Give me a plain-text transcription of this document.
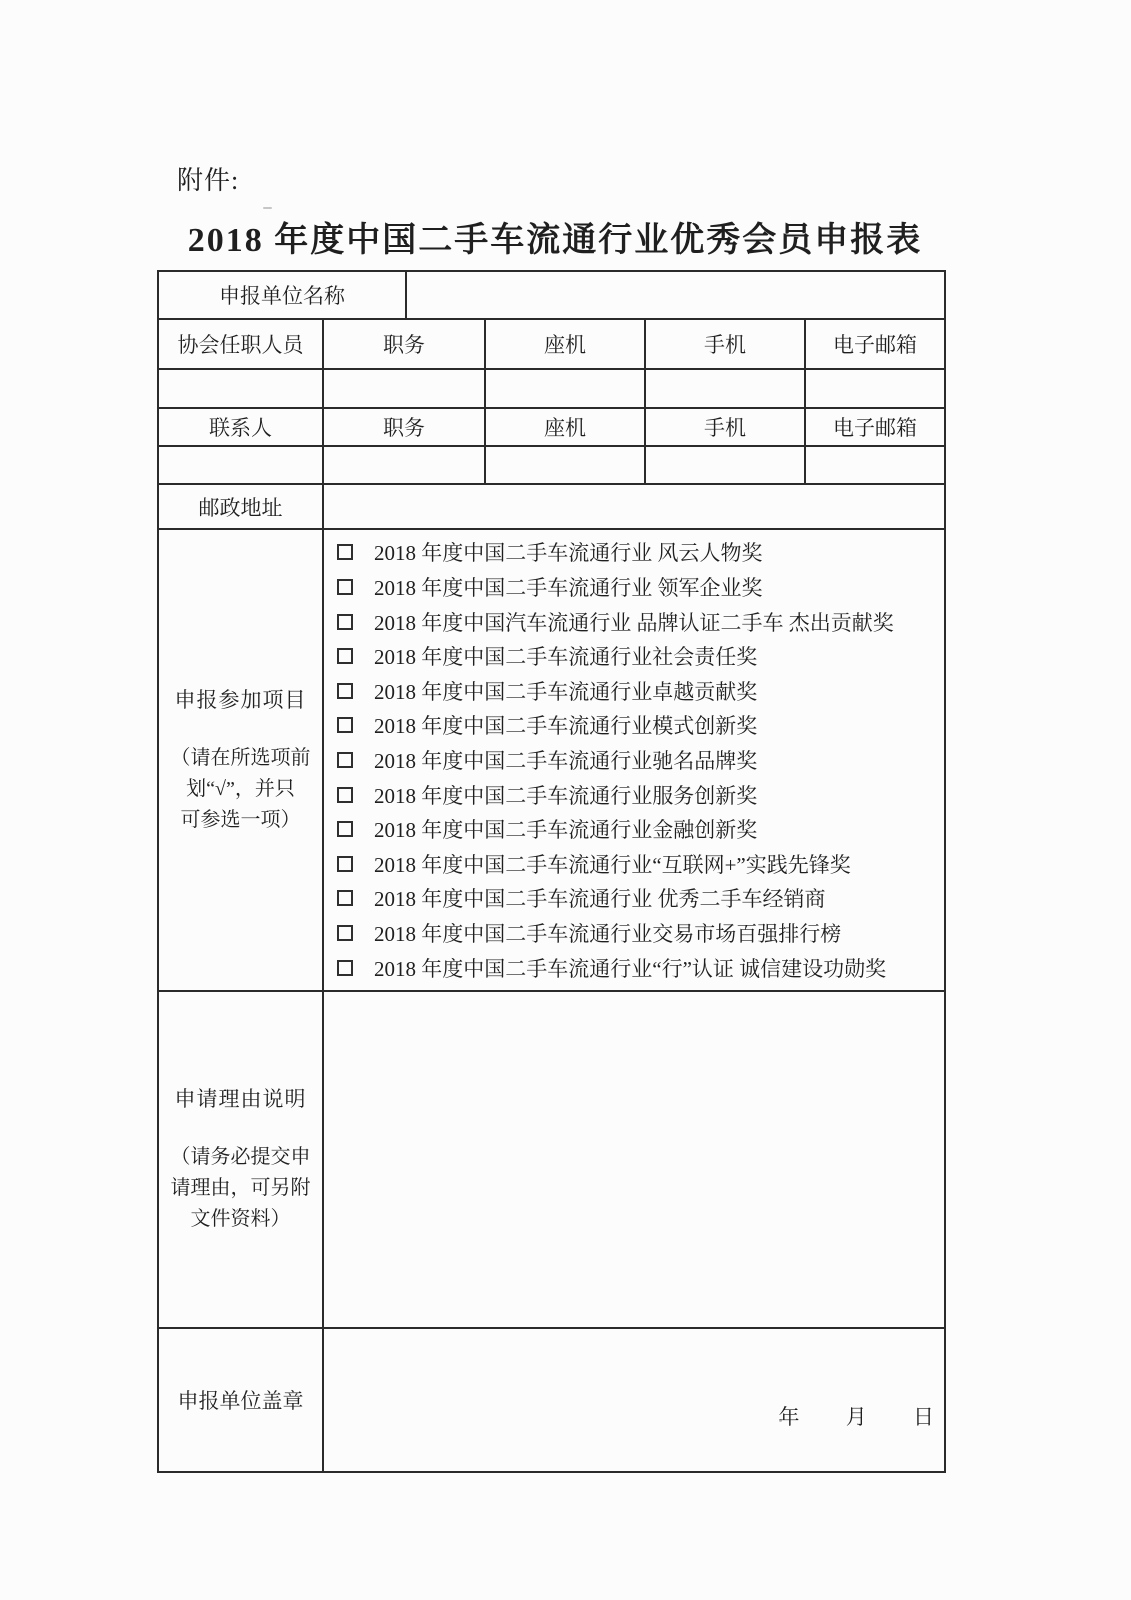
附件:
2018 年度中国二手车流通行业优秀会员申报表
申报单位名称
协会任职人员	职务	座机	手机	电子邮箱
联系人	职务	座机	手机	电子邮箱
邮政地址
申报参加项目
（请在所选项前
划“√”，并只
可参选一项）
2018 年度中国二手车流通行业 风云人物奖
2018 年度中国二手车流通行业 领军企业奖
2018 年度中国汽车流通行业 品牌认证二手车 杰出贡献奖
2018 年度中国二手车流通行业社会责任奖
2018 年度中国二手车流通行业卓越贡献奖
2018 年度中国二手车流通行业模式创新奖
2018 年度中国二手车流通行业驰名品牌奖
2018 年度中国二手车流通行业服务创新奖
2018 年度中国二手车流通行业金融创新奖
2018 年度中国二手车流通行业“互联网+”实践先锋奖
2018 年度中国二手车流通行业 优秀二手车经销商
2018 年度中国二手车流通行业交易市场百强排行榜
2018 年度中国二手车流通行业“行”认证 诚信建设功勋奖
申请理由说明
（请务必提交申
请理由，可另附
文件资料）
申报单位盖章
年 月 日
